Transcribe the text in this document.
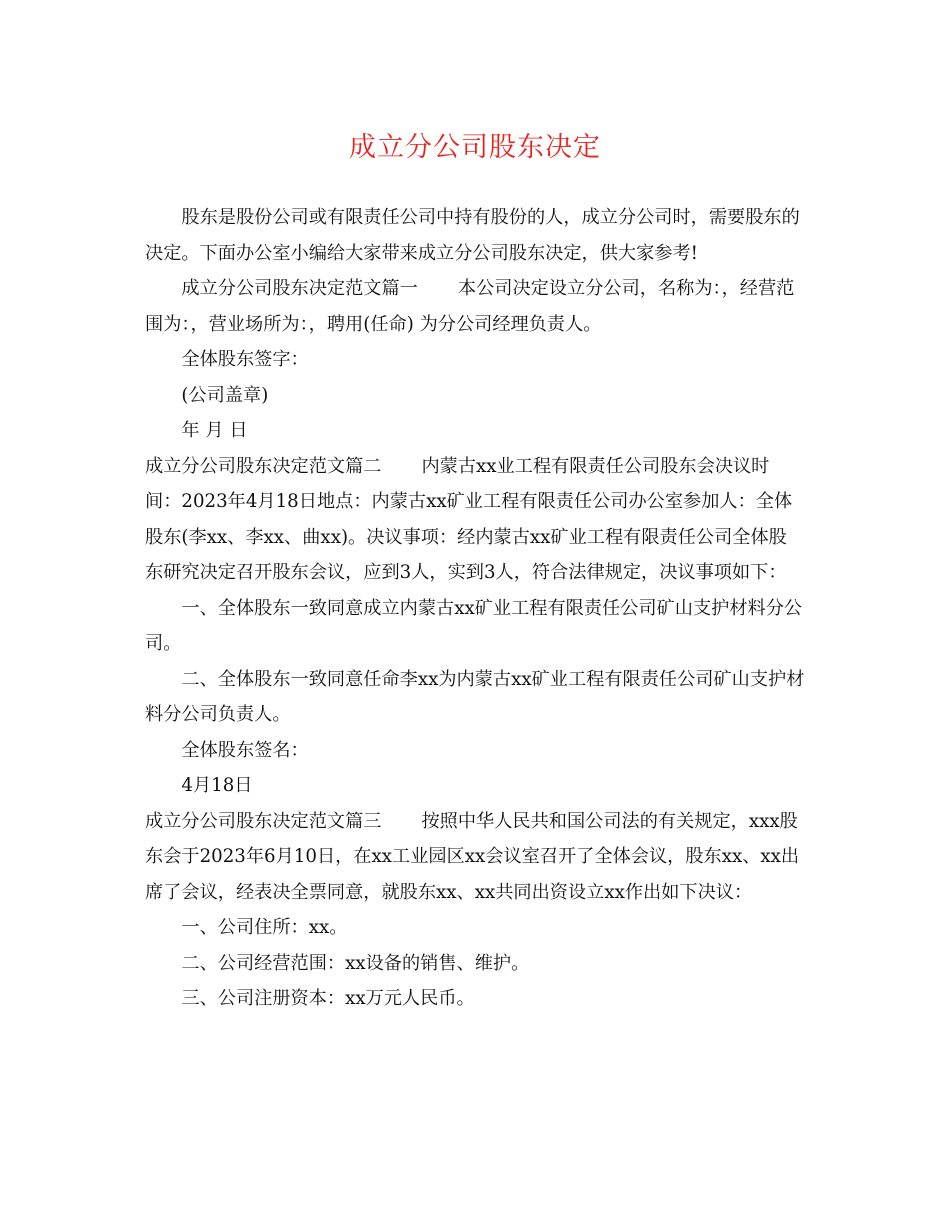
成立分公司股东决定

股东是股份公司或有限责任公司中持有股份的人，成立分公司时，需要股东的决定。下面办公室小编给大家带来成立分公司股东决定，供大家参考!

成立分公司股东决定范文篇一 本公司决定设立分公司，名称为：，经营范围为：，营业场所为：，聘用(任命) 为分公司经理负责人。

全体股东签字：

(公司盖章)

年 月 日

成立分公司股东决定范文篇二 内蒙古xx业工程有限责任公司股东会决议时间：2023年4月18日地点：内蒙古xx矿业工程有限责任公司办公室参加人：全体股东(李xx、李xx、曲xx)。决议事项：经内蒙古xx矿业工程有限责任公司全体股东研究决定召开股东会议，应到3人，实到3人，符合法律规定，决议事项如下：

一、全体股东一致同意成立内蒙古xx矿业工程有限责任公司矿山支护材料分公司。

二、全体股东一致同意任命李xx为内蒙古xx矿业工程有限责任公司矿山支护材料分公司负责人。

全体股东签名：

4月18日

成立分公司股东决定范文篇三 按照中华人民共和国公司法的有关规定，xxx股东会于2023年6月10日，在xx工业园区xx会议室召开了全体会议，股东xx、xx出席了会议，经表决全票同意，就股东xx、xx共同出资设立xx作出如下决议：

一、公司住所：xx。

二、公司经营范围：xx设备的销售、维护。

三、公司注册资本：xx万元人民币。
